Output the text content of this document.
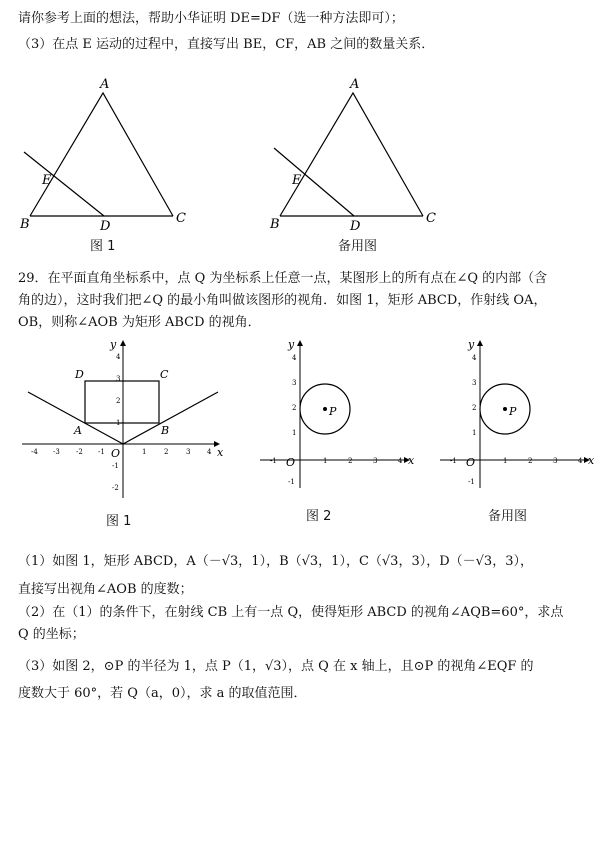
请你参考上面的想法，帮助小华证明 DE=DF（选一种方法即可）；
（3）在点 E 运动的过程中，直接写出 BE，CF，AB 之间的数量关系．
A
B	C
D
E
图 1
A
B	C
D
E
备用图
29．在平面直角坐标系中，点 Q 为坐标系上任意一点，某图形上的所有点在∠Q 的内部（含
角的边），这时我们把∠Q 的最小角叫做该图形的视角．如图 1，矩形 ABCD，作射线 OA，
OB，则称∠AOB 为矩形 ABCD 的视角．
x
y
O
-4 -3 -2 -1	1	2	3 4
4
3
2
1
-1
-2
D	C
A	B
图 1
x
y
O
-1	1	2	3	4
4
3
2
1
-1
P
图 2
x
y
O
-1	1	2	3	4
4
3
2
1
-1
P
备用图
（1）如图 1，矩形 ABCD，A（－√3，1），B（√3，1），C（√3，3），D（－√3，3），
直接写出视角∠AOB 的度数；
（2）在（1）的条件下，在射线 CB 上有一点 Q，使得矩形 ABCD 的视角∠AQB=60°，求点
Q 的坐标；
（3）如图 2，⊙P 的半径为 1，点 P（1，√3），点 Q 在 x 轴上，且⊙P 的视角∠EQF 的
度数大于 60°，若 Q（a，0），求 a 的取值范围．
